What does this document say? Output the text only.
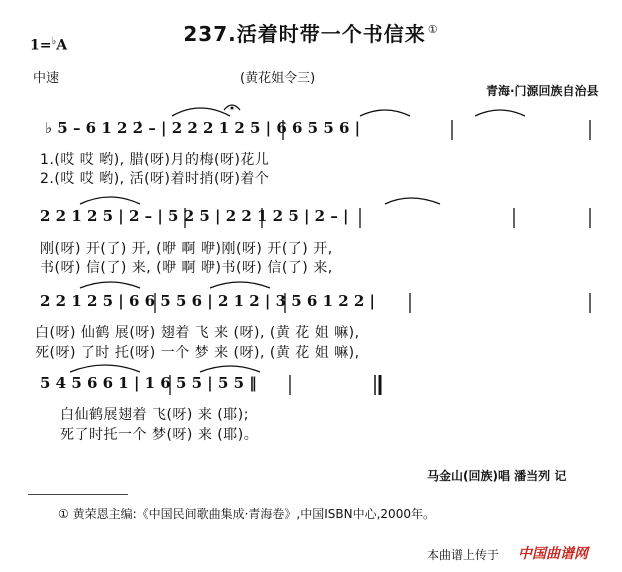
237.活着时带一个书信来 ①
1=♭A
中速	(黄花姐令三)
青海·门源回族自治县
♭ 5 – 6 1 2 2̇ – | 2 2 2 1 2 5 | 6 6 5 5 6 |
1.(哎 哎 哟), 腊(呀)月的梅(呀)花儿
2.(哎 哎 哟), 活(呀)着时捎(呀)着个
2 2 1 2 5 | 2 – | 5 2 5 | 2 2 1 2 5 | 2 – |
刚(呀) 开(了) 开, (咿 啊 咿)刚(呀) 开(了) 开,
书(呀) 信(了) 来, (咿 啊 咿)书(呀) 信(了) 来,
2 2 1 2 5 | 6 6 5 5 6 | 2 1 2 | 3 5 6 1 2 2 |
白(呀) 仙鹤 展(呀) 翅着 飞 来 (呀), (黄 花 姐 嘛),
死(呀) 了时 托(呀) 一个 梦 来 (呀), (黄 花 姐 嘛),
5 4 5 6 6 1 | 1 6 5 5 | 5 5 ‖
白仙鹤展翅着 飞(呀) 来 (耶);
死了时托一个 梦(呀) 来 (耶)。
马金山(回族)唱 潘当列 记
① 黄荣恩主编:《中国民间歌曲集成·青海卷》,中国ISBN中心,2000年。
本曲谱上传于 中国曲谱网
